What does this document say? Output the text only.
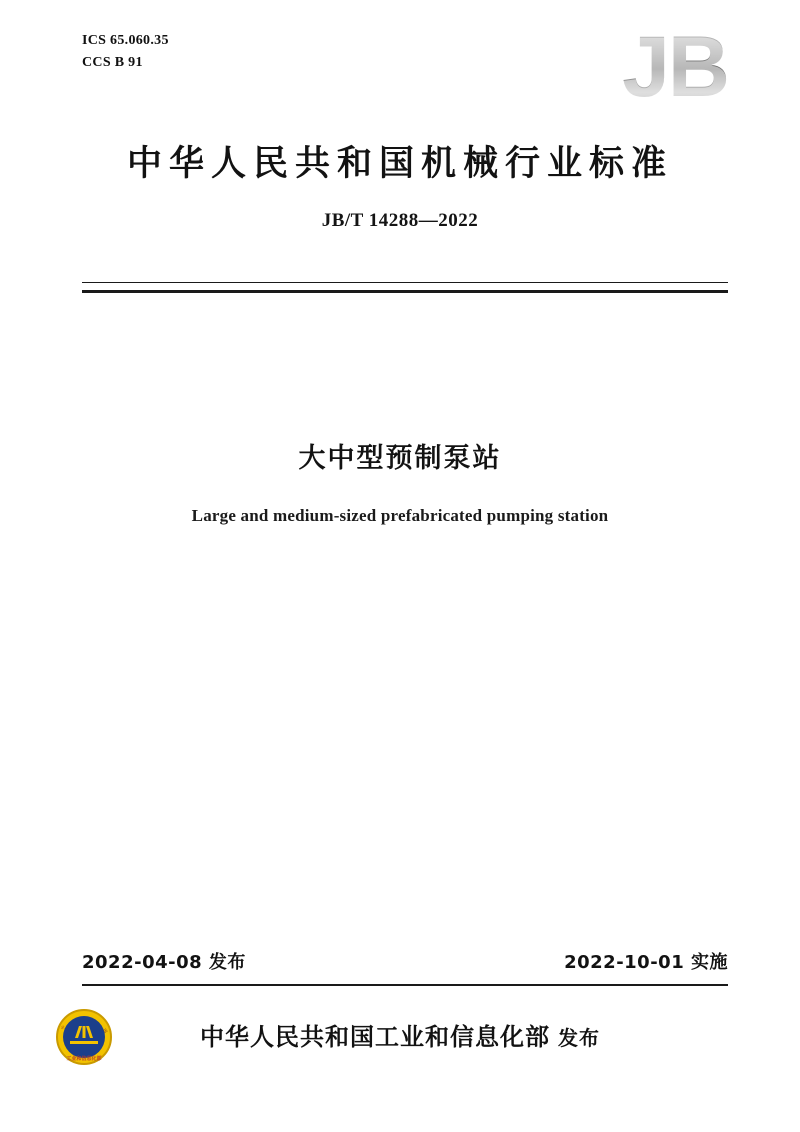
ICS 65.060.35
CCS B 91	JB
中华人民共和国机械行业标准
JB/T 14288—2022
大中型预制泵站
Large and medium-sized prefabricated pumping station
2022-04-08 发布	2022-10-01 实施
工业和信息化部
中
国	中华人民共和国工业和信息化部 发布
